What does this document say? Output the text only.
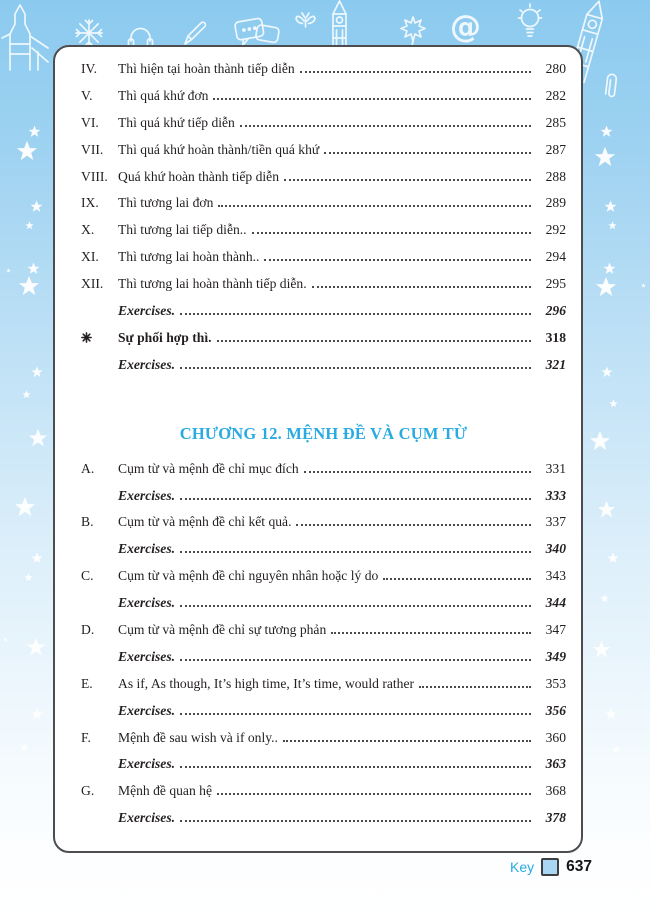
@
IV.	Thì hiện tại hoàn thành tiếp diễn	280
V.	Thì quá khứ đơn	282
VI.	Thì quá khứ tiếp diễn	285
VII.	Thì quá khứ hoàn thành/tiền quá khứ	287
VIII. Quá khứ hoàn thành tiếp diễn	288
IX.	Thì tương lai đơn	289
X.	Thì tương lai tiếp diễn..	292
XI.	Thì tương lai hoàn thành..	294
XII.	Thì tương lai hoàn thành tiếp diễn.	295
Exercises.	296
Sự phối hợp thì.	318
Exercises.	321
CHƯƠNG 12. MỆNH ĐỀ VÀ CỤM TỪ
A.	Cụm từ và mệnh đề chỉ mục đích	331
Exercises.	333
B.	Cụm từ và mệnh đề chỉ kết quả.	337
Exercises.	340
C.	Cụm từ và mệnh đề chỉ nguyên nhân hoặc lý do	343
Exercises.	344
D.	Cụm từ và mệnh đề chỉ sự tương phản	347
Exercises.	349
E.	As if, As though, It’s high time, It’s time, would rather	353
Exercises.	356
F.	Mệnh đề sau wish và if only..	360
Exercises.	363
G.	Mệnh đề quan hệ	368
Exercises.	378
Key 637
